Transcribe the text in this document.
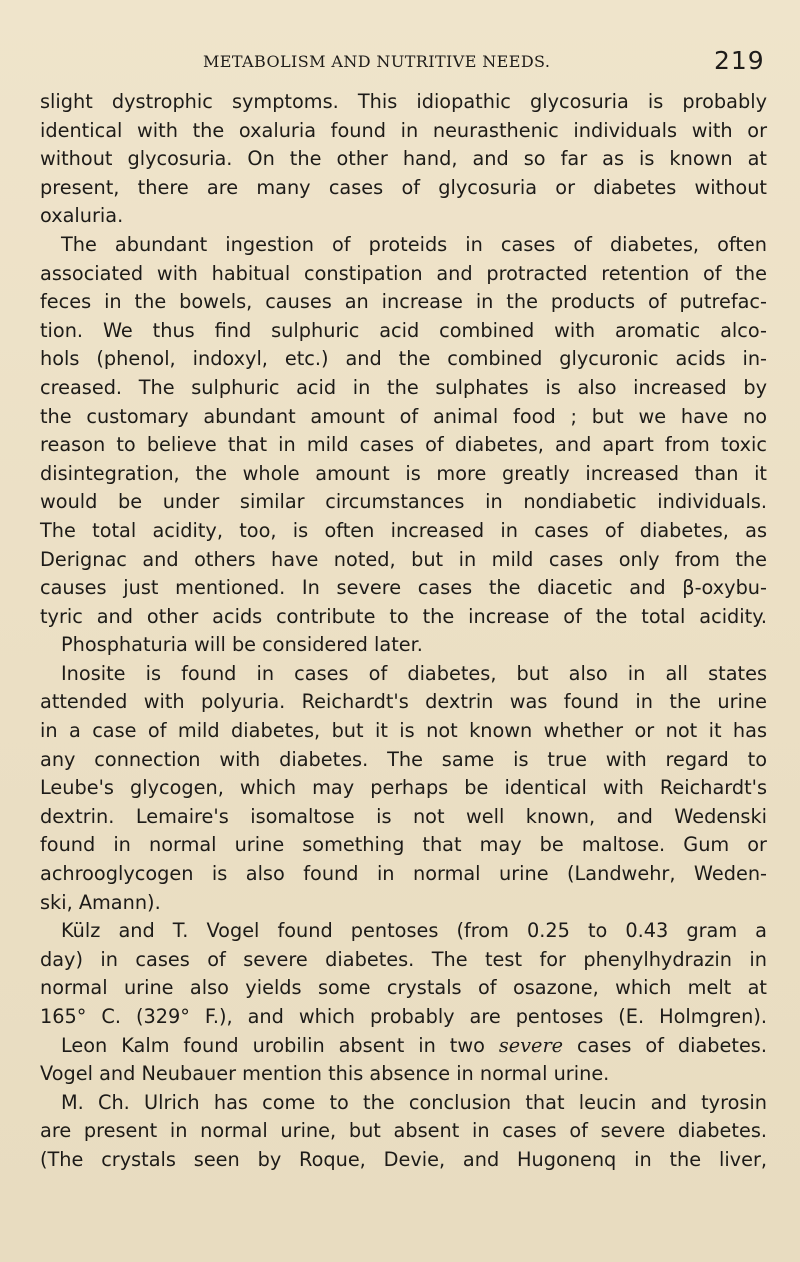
METABOLISM AND NUTRITIVE NEEDS.	219
slight dystrophic symptoms. This idiopathic glycosuria is probably
identical with the oxaluria found in neurasthenic individuals with or
without glycosuria. On the other hand, and so far as is known at
present, there are many cases of glycosuria or diabetes without
oxaluria.
The abundant ingestion of proteids in cases of diabetes, often
associated with habitual constipation and protracted retention of the
feces in the bowels, causes an increase in the products of putrefac-
tion. We thus find sulphuric acid combined with aromatic alco-
hols (phenol, indoxyl, etc.) and the combined glycuronic acids in-
creased. The sulphuric acid in the sulphates is also increased by
the customary abundant amount of animal food ; but we have no
reason to believe that in mild cases of diabetes, and apart from toxic
disintegration, the whole amount is more greatly increased than it
would be under similar circumstances in nondiabetic individuals.
The total acidity, too, is often increased in cases of diabetes, as
Derignac and others have noted, but in mild cases only from the
causes just mentioned. In severe cases the diacetic and β-oxybu-
tyric and other acids contribute to the increase of the total acidity.
Phosphaturia will be considered later.
Inosite is found in cases of diabetes, but also in all states
attended with polyuria. Reichardt's dextrin was found in the urine
in a case of mild diabetes, but it is not known whether or not it has
any connection with diabetes. The same is true with regard to
Leube's glycogen, which may perhaps be identical with Reichardt's
dextrin. Lemaire's isomaltose is not well known, and Wedenski
found in normal urine something that may be maltose. Gum or
achrooglycogen is also found in normal urine (Landwehr, Weden-
ski, Amann).
Külz and T. Vogel found pentoses (from 0.25 to 0.43 gram a
day) in cases of severe diabetes. The test for phenylhydrazin in
normal urine also yields some crystals of osazone, which melt at
165° C. (329° F.), and which probably are pentoses (E. Holmgren).
Leon Kalm found urobilin absent in two severe cases of diabetes.
Vogel and Neubauer mention this absence in normal urine.
M. Ch. Ulrich has come to the conclusion that leucin and tyrosin
are present in normal urine, but absent in cases of severe diabetes.
(The crystals seen by Roque, Devie, and Hugonenq in the liver,
